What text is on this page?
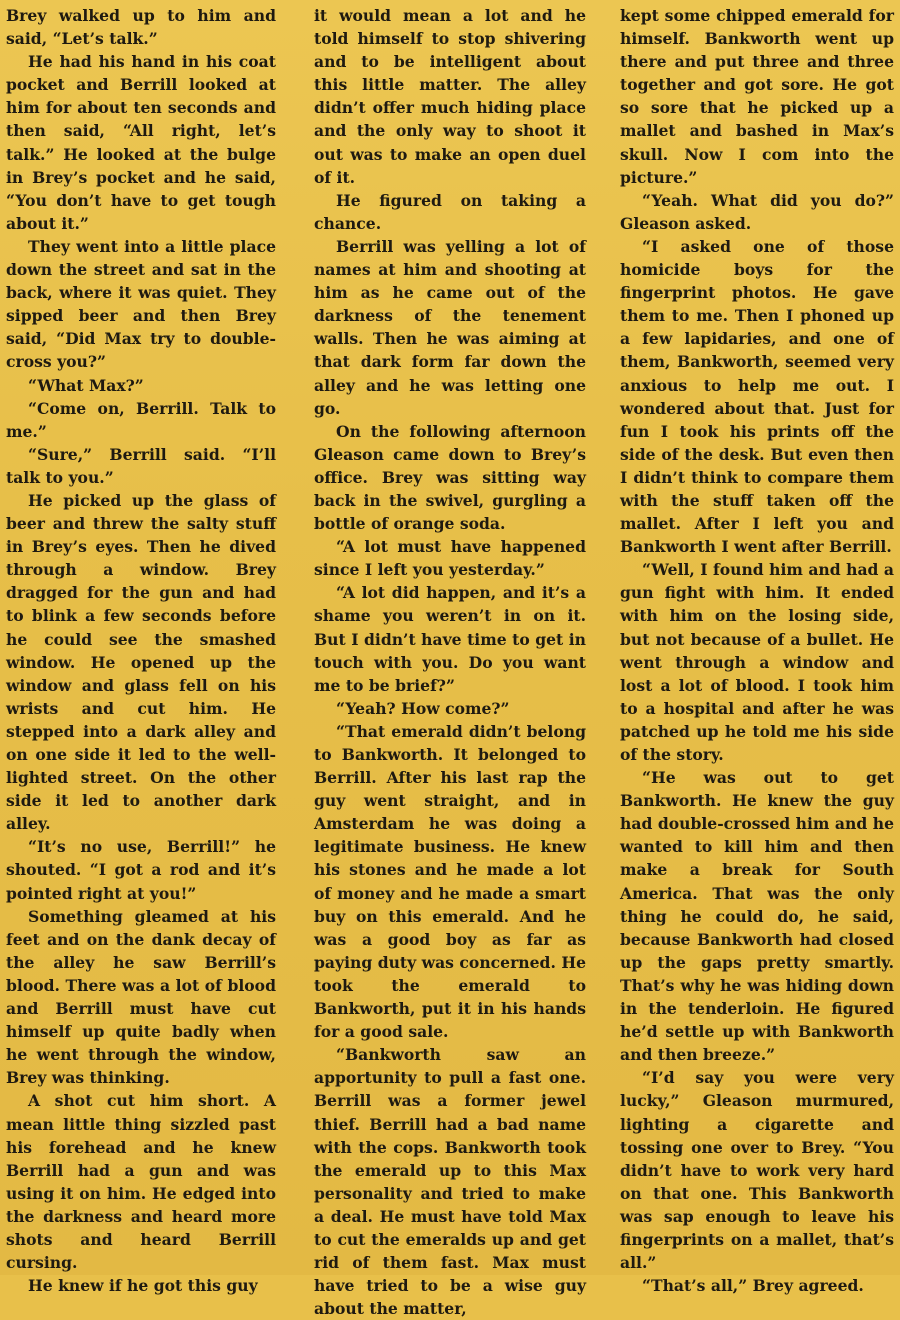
Brey walked up to him and said, “Let’s talk.”

He had his hand in his coat pocket and Berrill looked at him for about ten seconds and then said, “All right, let’s talk.” He looked at the bulge in Brey’s pocket and he said, “You don’t have to get tough about it.”

They went into a little place down the street and sat in the back, where it was quiet. They sipped beer and then Brey said, “Did Max try to double-cross you?”

“What Max?”

“Come on, Berrill. Talk to me.”

“Sure,” Berrill said. “I’ll talk to you.”

He picked up the glass of beer and threw the salty stuff in Brey’s eyes. Then he dived through a window. Brey dragged for the gun and had to blink a few seconds before he could see the smashed window. He opened up the window and glass fell on his wrists and cut him. He stepped into a dark alley and on one side it led to the well-lighted street. On the other side it led to another dark alley.

“It’s no use, Berrill!” he shouted. “I got a rod and it’s pointed right at you!”

Something gleamed at his feet and on the dank decay of the alley he saw Berrill’s blood. There was a lot of blood and Berrill must have cut himself up quite badly when he went through the window, Brey was thinking.

A shot cut him short. A mean little thing sizzled past his forehead and he knew Berrill had a gun and was using it on him. He edged into the darkness and heard more shots and heard Berrill cursing.

He knew if he got this guy

it would mean a lot and he told himself to stop shivering and to be intelligent about this little matter. The alley didn’t offer much hiding place and the only way to shoot it out was to make an open duel of it.

He figured on taking a chance.

Berrill was yelling a lot of names at him and shooting at him as he came out of the darkness of the tenement walls. Then he was aiming at that dark form far down the alley and he was letting one go.

On the following afternoon Gleason came down to Brey’s office. Brey was sitting way back in the swivel, gurgling a bottle of orange soda.

“A lot must have happened since I left you yesterday.”

“A lot did happen, and it’s a shame you weren’t in on it. But I didn’t have time to get in touch with you. Do you want me to be brief?”

“Yeah? How come?”

“That emerald didn’t belong to Bankworth. It belonged to Berrill. After his last rap the guy went straight, and in Amsterdam he was doing a legitimate business. He knew his stones and he made a lot of money and he made a smart buy on this emerald. And he was a good boy as far as paying duty was concerned. He took the emerald to Bankworth, put it in his hands for a good sale.

“Bankworth saw an apportunity to pull a fast one. Berrill was a former jewel thief. Berrill had a bad name with the cops. Bankworth took the emerald up to this Max personality and tried to make a deal. He must have told Max to cut the emeralds up and get rid of them fast. Max must have tried to be a wise guy about the matter,

kept some chipped emerald for himself. Bankworth went up there and put three and three together and got sore. He got so sore that he picked up a mallet and bashed in Max’s skull. Now I com into the picture.”

“Yeah. What did you do?” Gleason asked.

“I asked one of those homicide boys for the fingerprint photos. He gave them to me. Then I phoned up a few lapidaries, and one of them, Bankworth, seemed very anxious to help me out. I wondered about that. Just for fun I took his prints off the side of the desk. But even then I didn’t think to compare them with the stuff taken off the mallet. After I left you and Bankworth I went after Berrill.

“Well, I found him and had a gun fight with him. It ended with him on the losing side, but not because of a bullet. He went through a window and lost a lot of blood. I took him to a hospital and after he was patched up he told me his side of the story.

“He was out to get Bankworth. He knew the guy had double-crossed him and he wanted to kill him and then make a break for South America. That was the only thing he could do, he said, because Bankworth had closed up the gaps pretty smartly. That’s why he was hiding down in the tenderloin. He figured he’d settle up with Bankworth and then breeze.”

“I’d say you were very lucky,” Gleason murmured, lighting a cigarette and tossing one over to Brey. “You didn’t have to work very hard on that one. This Bankworth was sap enough to leave his fingerprints on a mallet, that’s all.”

“That’s all,” Brey agreed.
